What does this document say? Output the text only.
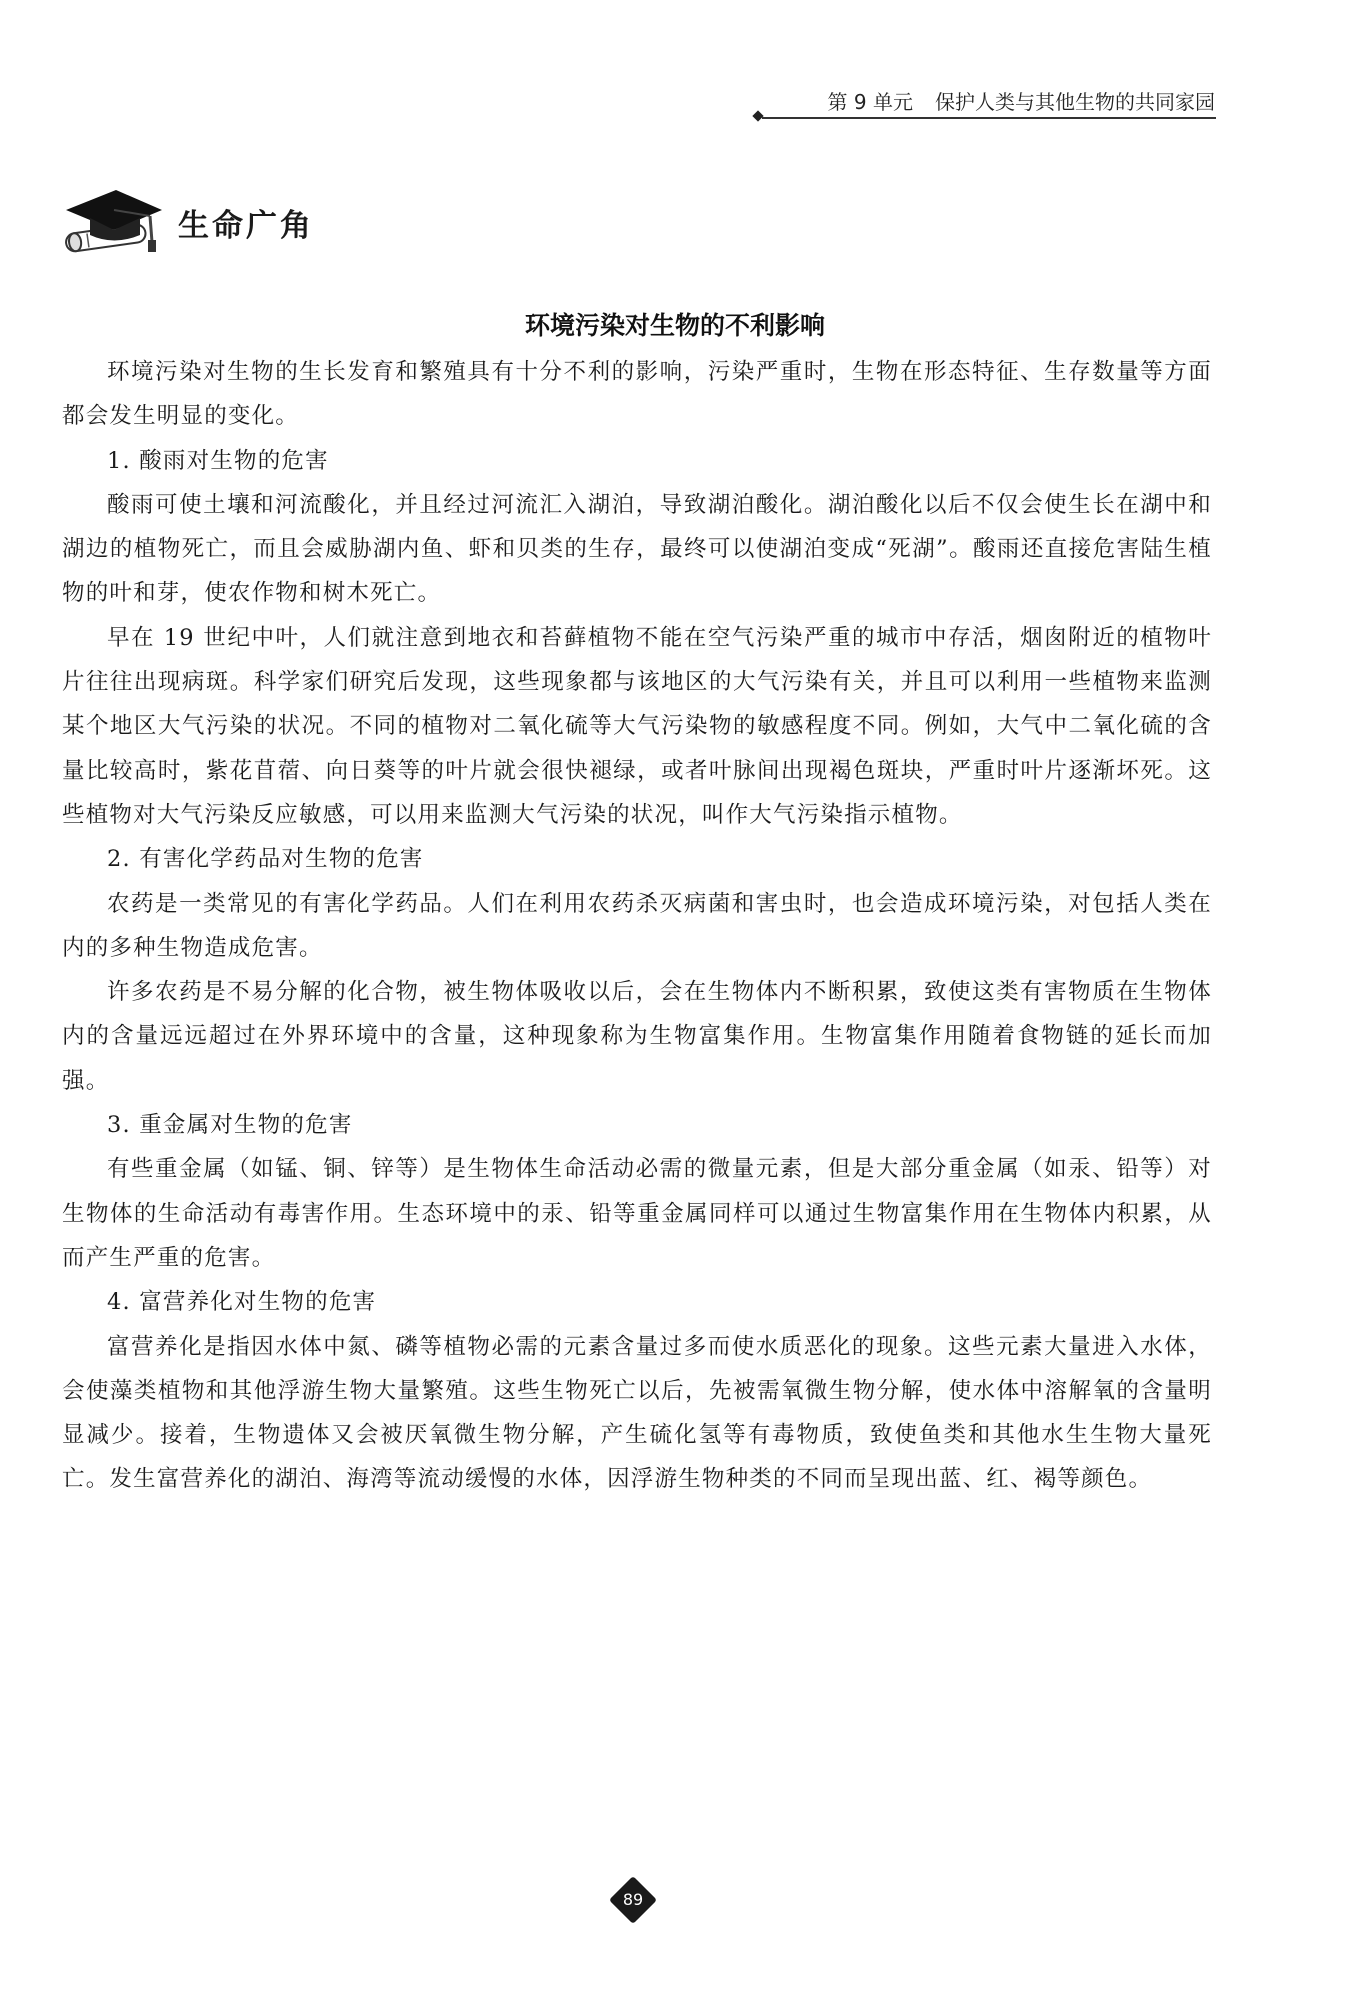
第 9 单元 保护人类与其他生物的共同家园
生命广角
环境污染对生物的不利影响

环境污染对生物的生长发育和繁殖具有十分不利的影响，污染严重时，生物在形态特征、生存数量等方面都会发生明显的变化。

1. 酸雨对生物的危害

酸雨可使土壤和河流酸化，并且经过河流汇入湖泊，导致湖泊酸化。湖泊酸化以后不仅会使生长在湖中和湖边的植物死亡，而且会威胁湖内鱼、虾和贝类的生存，最终可以使湖泊变成“死湖”。酸雨还直接危害陆生植物的叶和芽，使农作物和树木死亡。

早在 19 世纪中叶，人们就注意到地衣和苔藓植物不能在空气污染严重的城市中存活，烟囱附近的植物叶片往往出现病斑。科学家们研究后发现，这些现象都与该地区的大气污染有关，并且可以利用一些植物来监测某个地区大气污染的状况。不同的植物对二氧化硫等大气污染物的敏感程度不同。例如，大气中二氧化硫的含量比较高时，紫花苜蓿、向日葵等的叶片就会很快褪绿，或者叶脉间出现褐色斑块，严重时叶片逐渐坏死。这些植物对大气污染反应敏感，可以用来监测大气污染的状况，叫作大气污染指示植物。

2. 有害化学药品对生物的危害

农药是一类常见的有害化学药品。人们在利用农药杀灭病菌和害虫时，也会造成环境污染，对包括人类在内的多种生物造成危害。

许多农药是不易分解的化合物，被生物体吸收以后，会在生物体内不断积累，致使这类有害物质在生物体内的含量远远超过在外界环境中的含量，这种现象称为生物富集作用。生物富集作用随着食物链的延长而加强。

3. 重金属对生物的危害

有些重金属（如锰、铜、锌等）是生物体生命活动必需的微量元素，但是大部分重金属（如汞、铅等）对生物体的生命活动有毒害作用。生态环境中的汞、铅等重金属同样可以通过生物富集作用在生物体内积累，从而产生严重的危害。

4. 富营养化对生物的危害

富营养化是指因水体中氮、磷等植物必需的元素含量过多而使水质恶化的现象。这些元素大量进入水体，会使藻类植物和其他浮游生物大量繁殖。这些生物死亡以后，先被需氧微生物分解，使水体中溶解氧的含量明显减少。接着，生物遗体又会被厌氧微生物分解，产生硫化氢等有毒物质，致使鱼类和其他水生生物大量死亡。发生富营养化的湖泊、海湾等流动缓慢的水体，因浮游生物种类的不同而呈现出蓝、红、褐等颜色。

89
